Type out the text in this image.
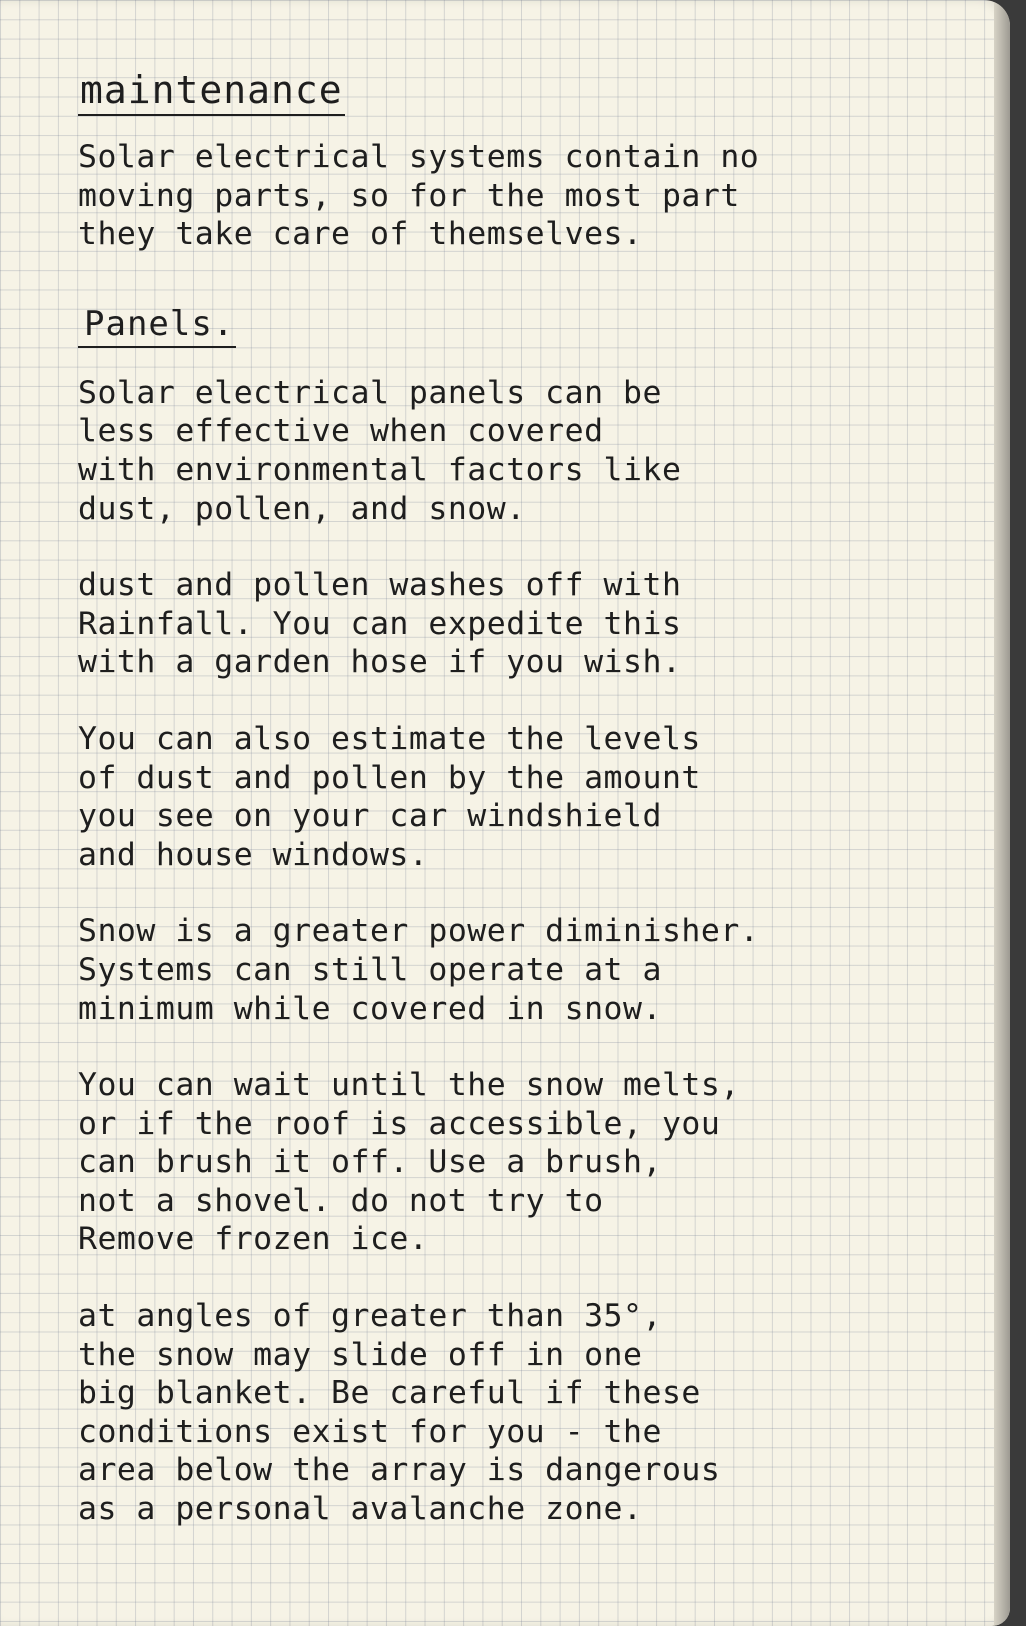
maintenance
Solar electrical systems contain no
moving parts, so for the most part
they take care of themselves.
Panels.
Solar electrical panels can be
less effective when covered
with environmental factors like
dust, pollen, and snow.
dust and pollen washes off with
Rainfall. You can expedite this
with a garden hose if you wish.
You can also estimate the levels
of dust and pollen by the amount
you see on your car windshield
and house windows.
Snow is a greater power diminisher.
Systems can still operate at a
minimum while covered in snow.
You can wait until the snow melts,
or if the roof is accessible, you
can brush it off. Use a brush,
not a shovel. do not try to
Remove frozen ice.
at angles of greater than 35°,
the snow may slide off in one
big blanket. Be careful if these
conditions exist for you - the
area below the array is dangerous
as a personal avalanche zone.
